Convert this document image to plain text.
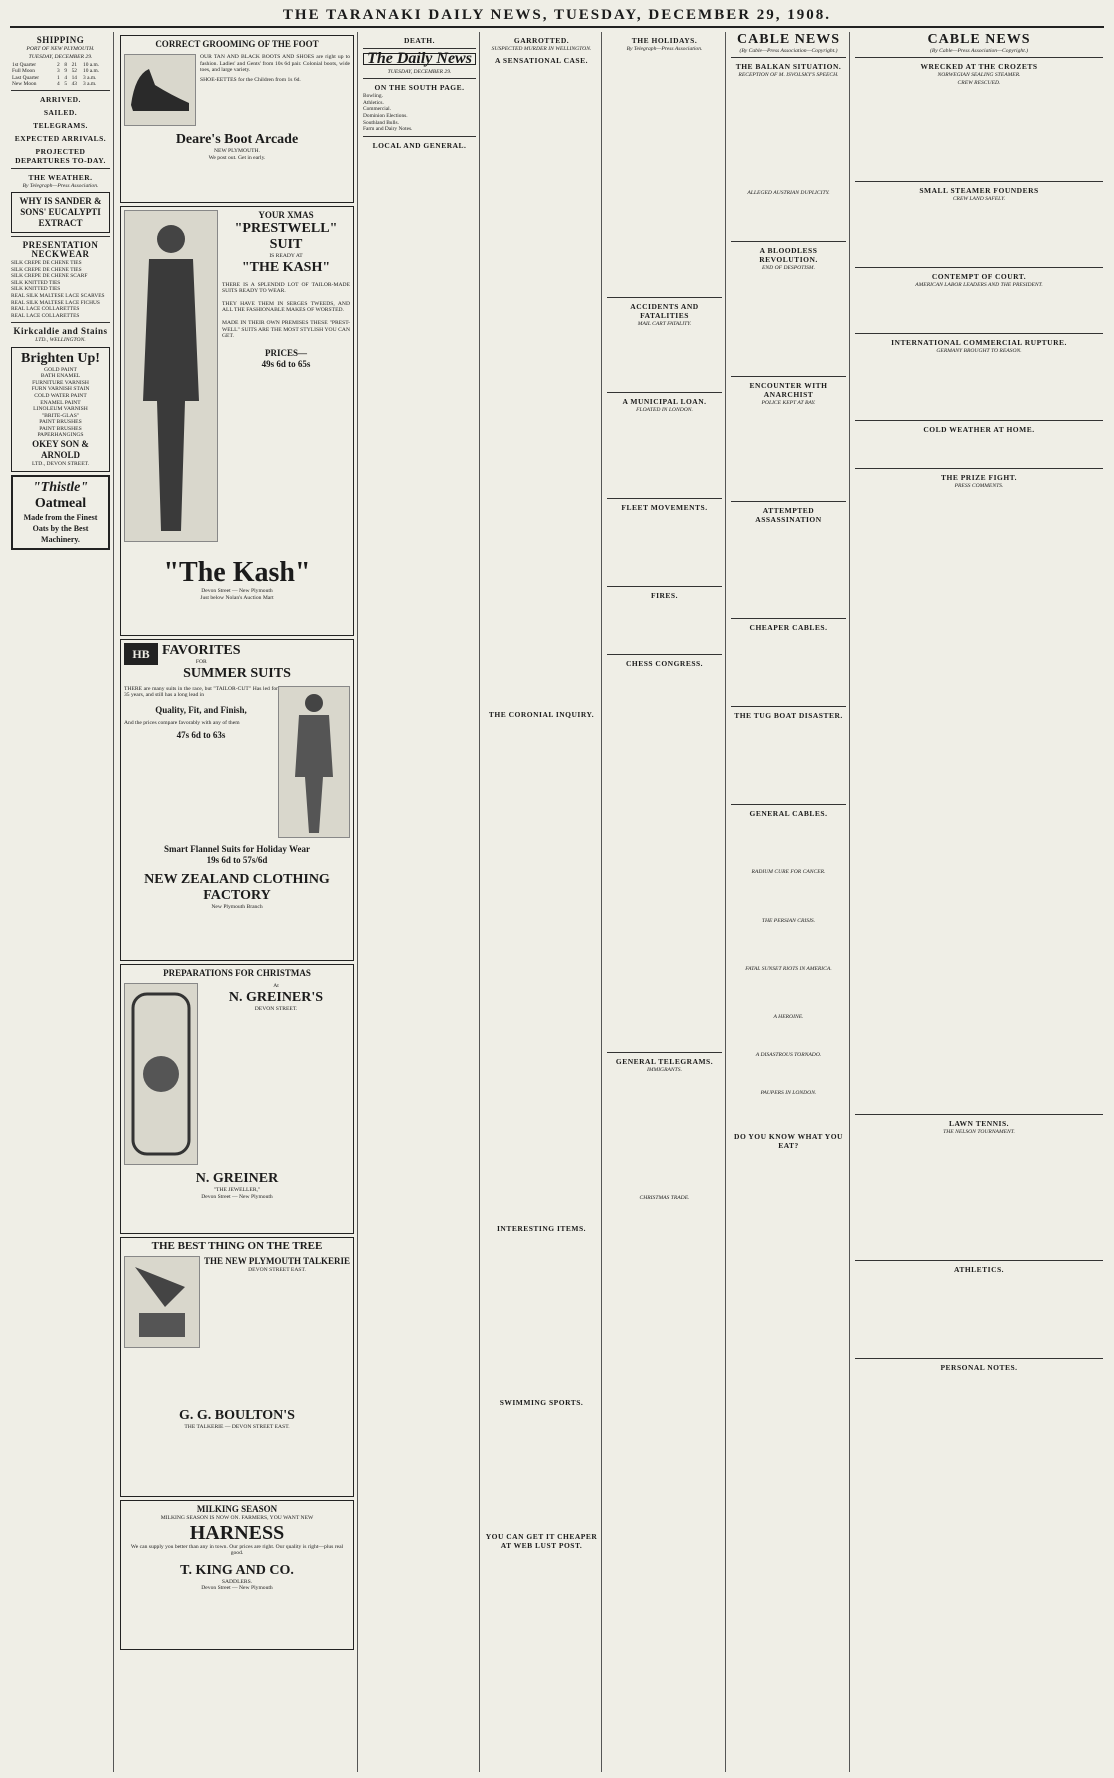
THE TARANAKI DAILY NEWS, TUESDAY, DECEMBER 29, 1908.
SHIPPING
PORT OF NEW PLYMOUTH.
TUESDAY, DECEMBER 29.
1st Quarter	2	8	21	10 a.m.
Full Moon	3	9	52	10 a.m.
Last Quarter	1	4	14	3 a.m.
New Moon	4	5	43	3 a.m.
ARRIVED.
SAILED.
TELEGRAMS.
EXPECTED ARRIVALS.
PROJECTED DEPARTURES TO-DAY.
THE WEATHER.
By Telegraph—Press Association.
WHY IS SANDER & SONS' EUCALYPTI EXTRACT
PRESENTATION NECKWEAR
SILK CREPE DE CHENE TIES
SILK CREPE DE CHENE TIES
SILK CREPE DE CHENE SCARF
SILK KNITTED TIES
SILK KNITTED TIES
REAL SILK MALTESE LACE SCARVES
REAL SILK MALTESE LACE FICHUS
REAL LACE COLLARETTES
REAL LACE COLLARETTES
Kirkcaldie and Stains
LTD., WELLINGTON.
Brighten Up!
GOLD PAINT
BATH ENAMEL
FURNITURE VARNISH
FURN VARNISH STAIN
COLD WATER PAINT
ENAMEL PAINT
LINOLEUM VARNISH
"BRITE-GLAS"
PAINT BRUSHES
PAINT BRUSHES
PAPERHANGINGS
OKEY SON & ARNOLD
LTD., DEVON STREET.
"Thistle"
Oatmeal
Made from the Finest Oats by the Best Machinery.
CORRECT GROOMING OF THE FOOT
OUR TAN AND BLACK BOOTS AND SHOES are right up to fashion. Ladies' and Gents' from 10s 6d pair. Colonial boots, wide toes, and large variety.
SHOE-EETTES for the Children from 1s 6d.
Deare's Boot Arcade
NEW PLYMOUTH.
We post out. Get in early.
YOUR XMAS
"PRESTWELL"
SUIT
IS READY AT
"THE KASH"
THERE IS A SPLENDID LOT OF TAILOR-MADE SUITS READY TO WEAR.
THEY HAVE THEM IN SERGES TWEEDS, AND ALL THE FASHIONABLE MAKES OF WORSTED.
MADE IN THEIR OWN PREMISES THESE "PREST-WELL" SUITS ARE THE MOST STYLISH YOU CAN GET.
PRICES—
49s 6d to 65s
"The Kash"
Devon Street — New Plymouth
Just below Nolan's Auction Mart
HB FAVORITES
FOR
SUMMER SUITS
THERE are many suits in the race, but "TAILOR-CUT" Has led for 35 years, and still has a long lead in
Quality, Fit, and Finish,
And the prices compare favorably with any of them
47s 6d to 63s
Smart Flannel Suits for Holiday Wear
19s 6d to 57s/6d
NEW ZEALAND CLOTHING FACTORY
New Plymouth Branch
PREPARATIONS FOR CHRISTMAS
At
N. GREINER'S
DEVON STREET.
N. GREINER
"THE JEWELLER,"
Devon Street — New Plymouth
THE BEST THING ON THE TREE
THE NEW PLYMOUTH TALKERIE
DEVON STREET EAST.
G. G. BOULTON'S
THE TALKERIE — DEVON STREET EAST.
MILKING SEASON
MILKING SEASON IS NOW ON. FARMERS, YOU WANT NEW
HARNESS
We can supply you better than any in town. Our prices are right. Our quality is right—plus real good.
T. KING AND CO.
SADDLERS.
Devon Street — New Plymouth
DEATH.
The Daily News
TUESDAY, DECEMBER 29.
ON THE SOUTH PAGE.
Bowling.
Athletics.
Commercial.
Dominion Elections.
Southland Bulls.
Farm and Dairy Notes.
LOCAL AND GENERAL.
GARROTTED.
SUSPECTED MURDER IN WELLINGTON.
A SENSATIONAL CASE.
THE CORONIAL INQUIRY.
INTERESTING ITEMS.
SWIMMING SPORTS.
YOU CAN GET IT CHEAPER AT WEB LUST POST.
THE HOLIDAYS.
By Telegraph—Press Association.
ACCIDENTS AND FATALITIES
MAIL CART FATALITY.
A MUNICIPAL LOAN.
FLOATED IN LONDON.
FLEET MOVEMENTS.
FIRES.
CHESS CONGRESS.
GENERAL TELEGRAMS.
IMMIGRANTS.
CHRISTMAS TRADE.
CABLE NEWS
(By Cable—Press Association—Copyright.)
THE BALKAN SITUATION.
RECEPTION OF M. ISVOLSKY'S SPEECH.
ALLEGED AUSTRIAN DUPLICITY.
A BLOODLESS REVOLUTION.
END OF DESPOTISM.
ENCOUNTER WITH ANARCHIST
POLICE KEPT AT BAY.
ATTEMPTED ASSASSINATION
CHEAPER CABLES.
THE TUG BOAT DISASTER.
GENERAL CABLES.
RADIUM CURE FOR CANCER.
THE PERSIAN CRISIS.
FATAL SUNSET RIOTS IN AMERICA.
A HEROINE.
A DISASTROUS TORNADO.
PAUPERS IN LONDON.
DO YOU KNOW WHAT YOU EAT?
CABLE NEWS
(By Cable—Press Association—Copyright.)
WRECKED AT THE CROZETS
NORWEGIAN SEALING STEAMER.
CREW RESCUED.
SMALL STEAMER FOUNDERS
CREW LAND SAFELY.
CONTEMPT OF COURT.
AMERICAN LABOR LEADERS AND THE PRESIDENT.
INTERNATIONAL COMMERCIAL RUPTURE.
GERMANY BROUGHT TO REASON.
COLD WEATHER AT HOME.
THE PRIZE FIGHT.
PRESS COMMENTS.
LAWN TENNIS.
THE NELSON TOURNAMENT.
ATHLETICS.
PERSONAL NOTES.
